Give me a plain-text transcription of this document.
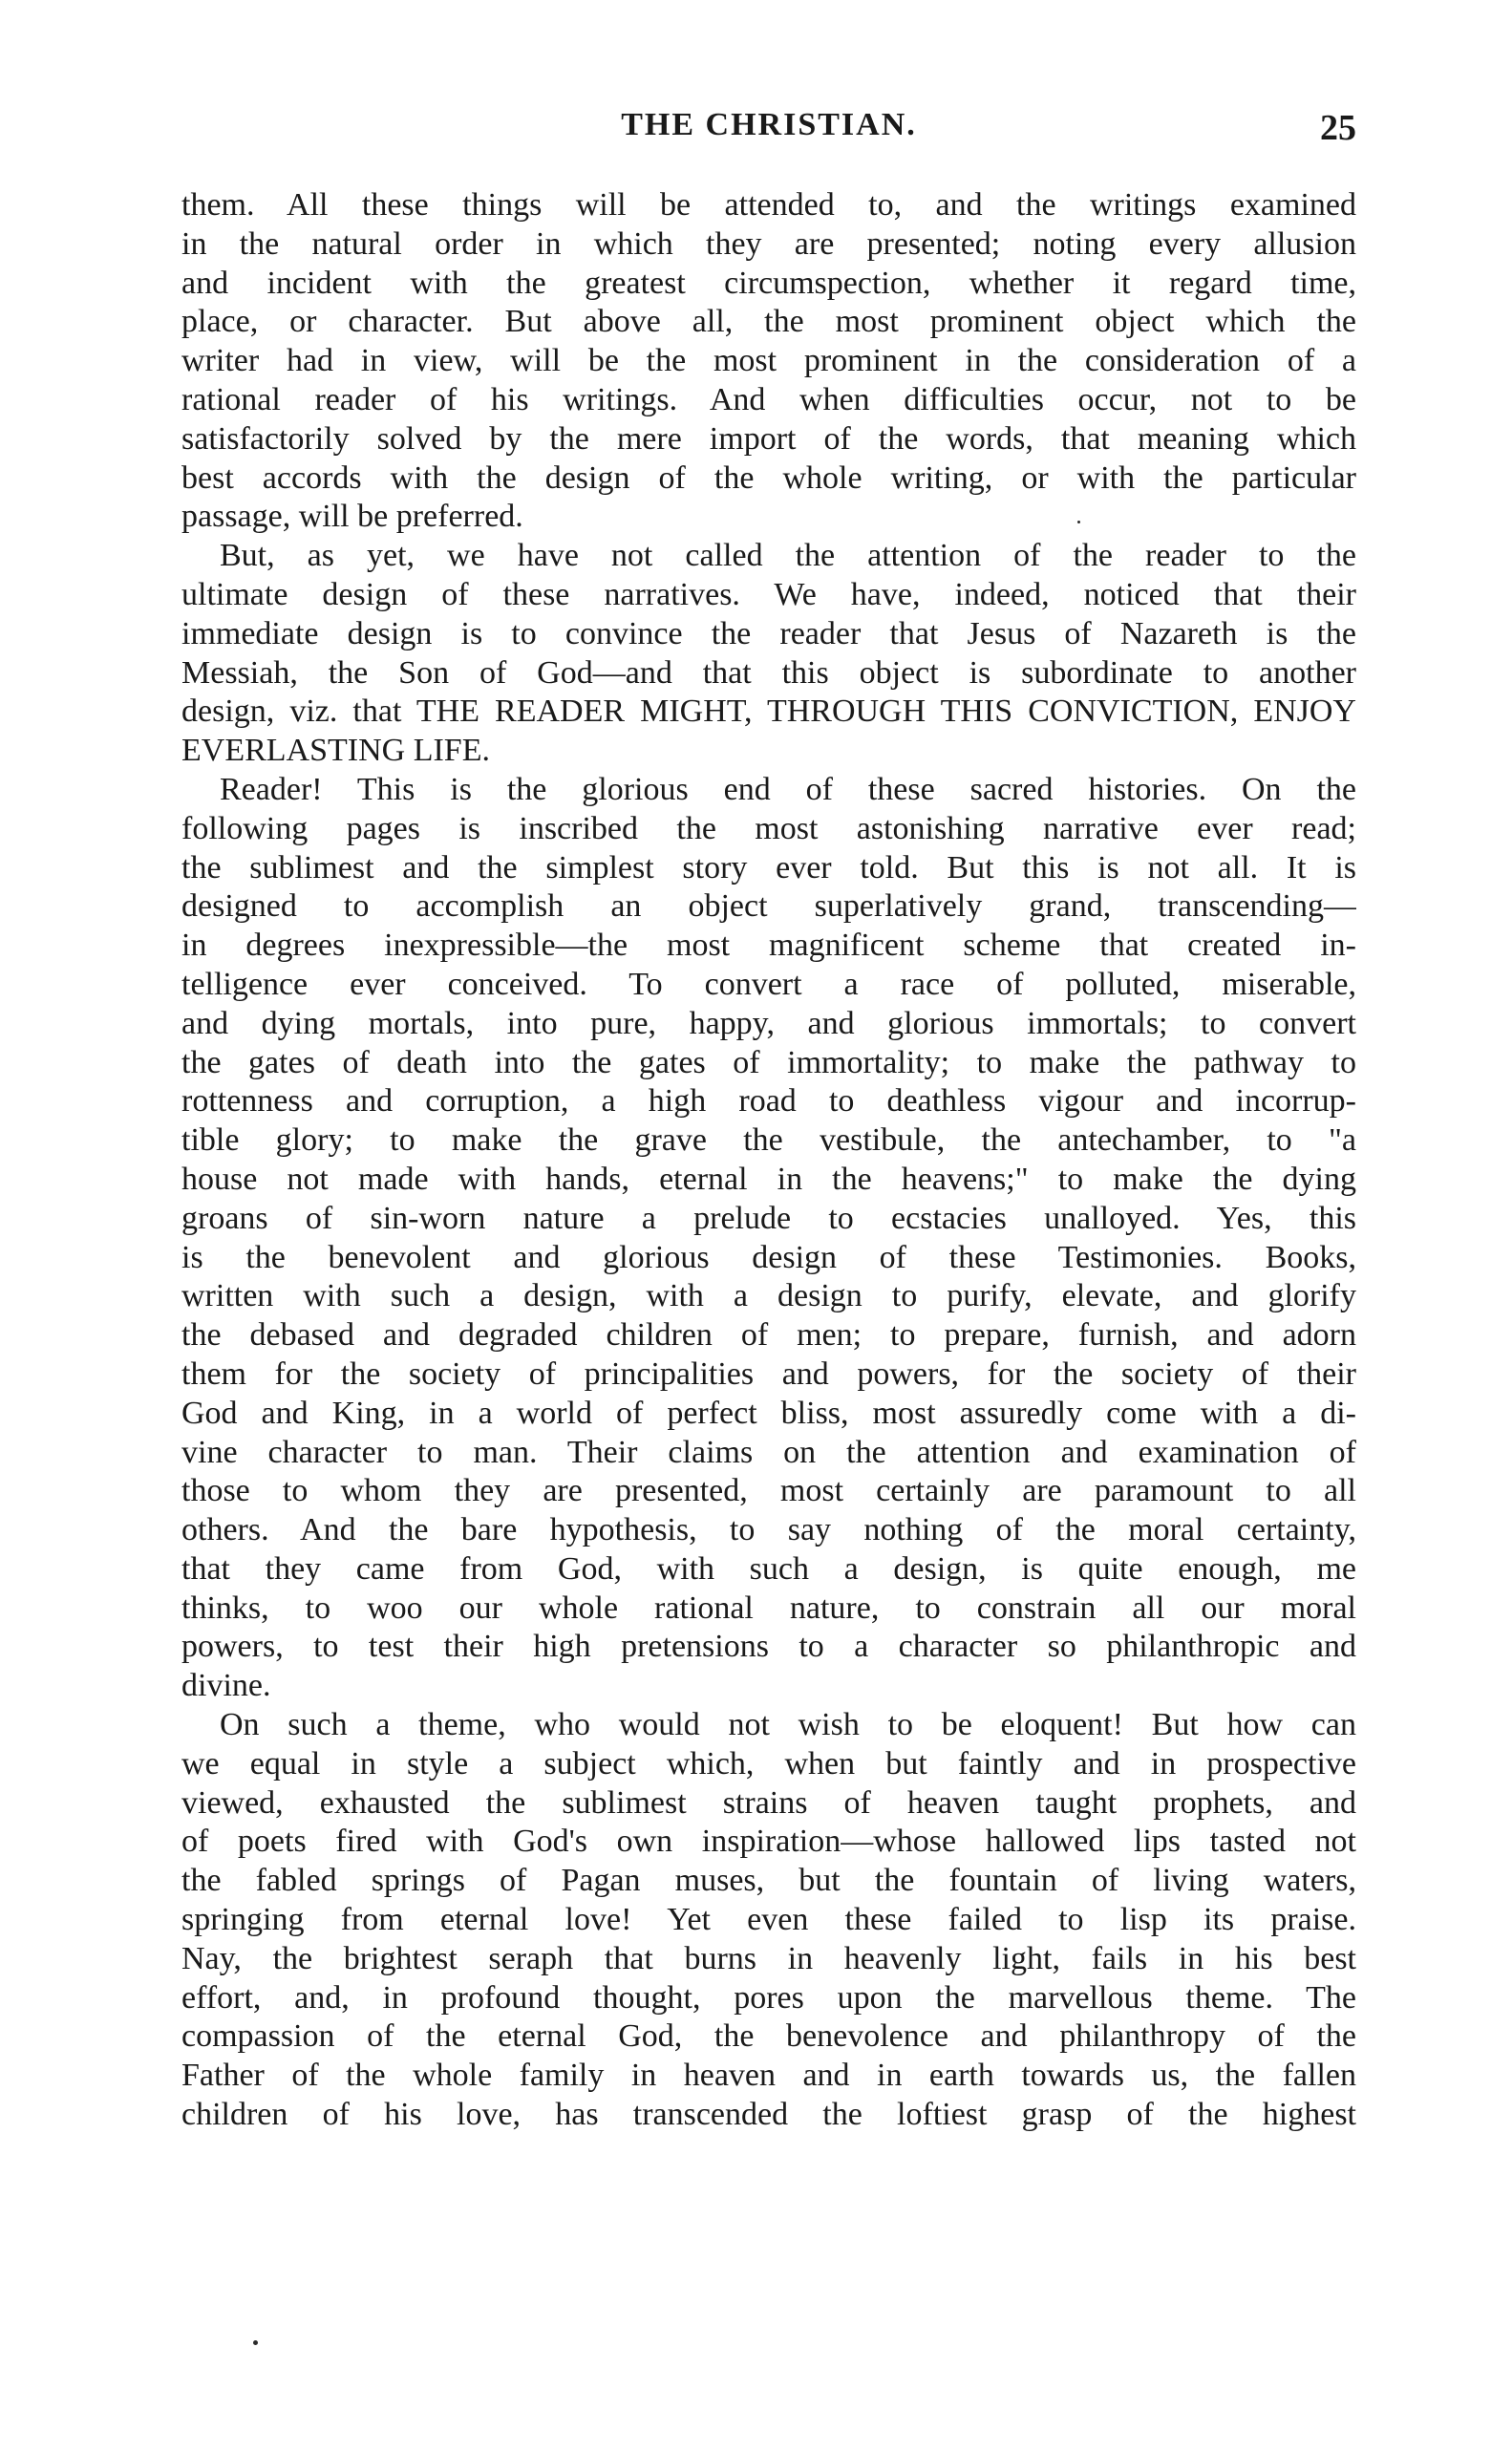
THE CHRISTIAN.	25
them. All these things will be attended to, and the writings examined
in the natural order in which they are presented; noting every allusion
and incident with the greatest circumspection, whether it regard time,
place, or character. But above all, the most prominent object which the
writer had in view, will be the most prominent in the consideration of a
rational reader of his writings. And when difficulties occur, not to be
satisfactorily solved by the mere import of the words, that meaning which
best accords with the design of the whole writing, or with the particular
passage, will be preferred.
But, as yet, we have not called the attention of the reader to the
ultimate design of these narratives. We have, indeed, noticed that their
immediate design is to convince the reader that Jesus of Nazareth is the
Messiah, the Son of God—and that this object is subordinate to another
design, viz. that THE READER MIGHT, THROUGH THIS CONVICTION, ENJOY
EVERLASTING LIFE.
Reader! This is the glorious end of these sacred histories. On the
following pages is inscribed the most astonishing narrative ever read;
the sublimest and the simplest story ever told. But this is not all. It is
designed to accomplish an object superlatively grand, transcending—
in degrees inexpressible—the most magnificent scheme that created in-
telligence ever conceived. To convert a race of polluted, miserable,
and dying mortals, into pure, happy, and glorious immortals; to convert
the gates of death into the gates of immortality; to make the pathway to
rottenness and corruption, a high road to deathless vigour and incorrup-
tible glory; to make the grave the vestibule, the antechamber, to "a
house not made with hands, eternal in the heavens;" to make the dying
groans of sin-worn nature a prelude to ecstacies unalloyed. Yes, this
is the benevolent and glorious design of these Testimonies. Books,
written with such a design, with a design to purify, elevate, and glorify
the debased and degraded children of men; to prepare, furnish, and adorn
them for the society of principalities and powers, for the society of their
God and King, in a world of perfect bliss, most assuredly come with a di-
vine character to man. Their claims on the attention and examination of
those to whom they are presented, most certainly are paramount to all
others. And the bare hypothesis, to say nothing of the moral certainty,
that they came from God, with such a design, is quite enough, me
thinks, to woo our whole rational nature, to constrain all our moral
powers, to test their high pretensions to a character so philanthropic and
divine.
On such a theme, who would not wish to be eloquent! But how can
we equal in style a subject which, when but faintly and in prospective
viewed, exhausted the sublimest strains of heaven taught prophets, and
of poets fired with God's own inspiration—whose hallowed lips tasted not
the fabled springs of Pagan muses, but the fountain of living waters,
springing from eternal love! Yet even these failed to lisp its praise.
Nay, the brightest seraph that burns in heavenly light, fails in his best
effort, and, in profound thought, pores upon the marvellous theme. The
compassion of the eternal God, the benevolence and philanthropy of the
Father of the whole family in heaven and in earth towards us, the fallen
children of his love, has transcended the loftiest grasp of the highest
